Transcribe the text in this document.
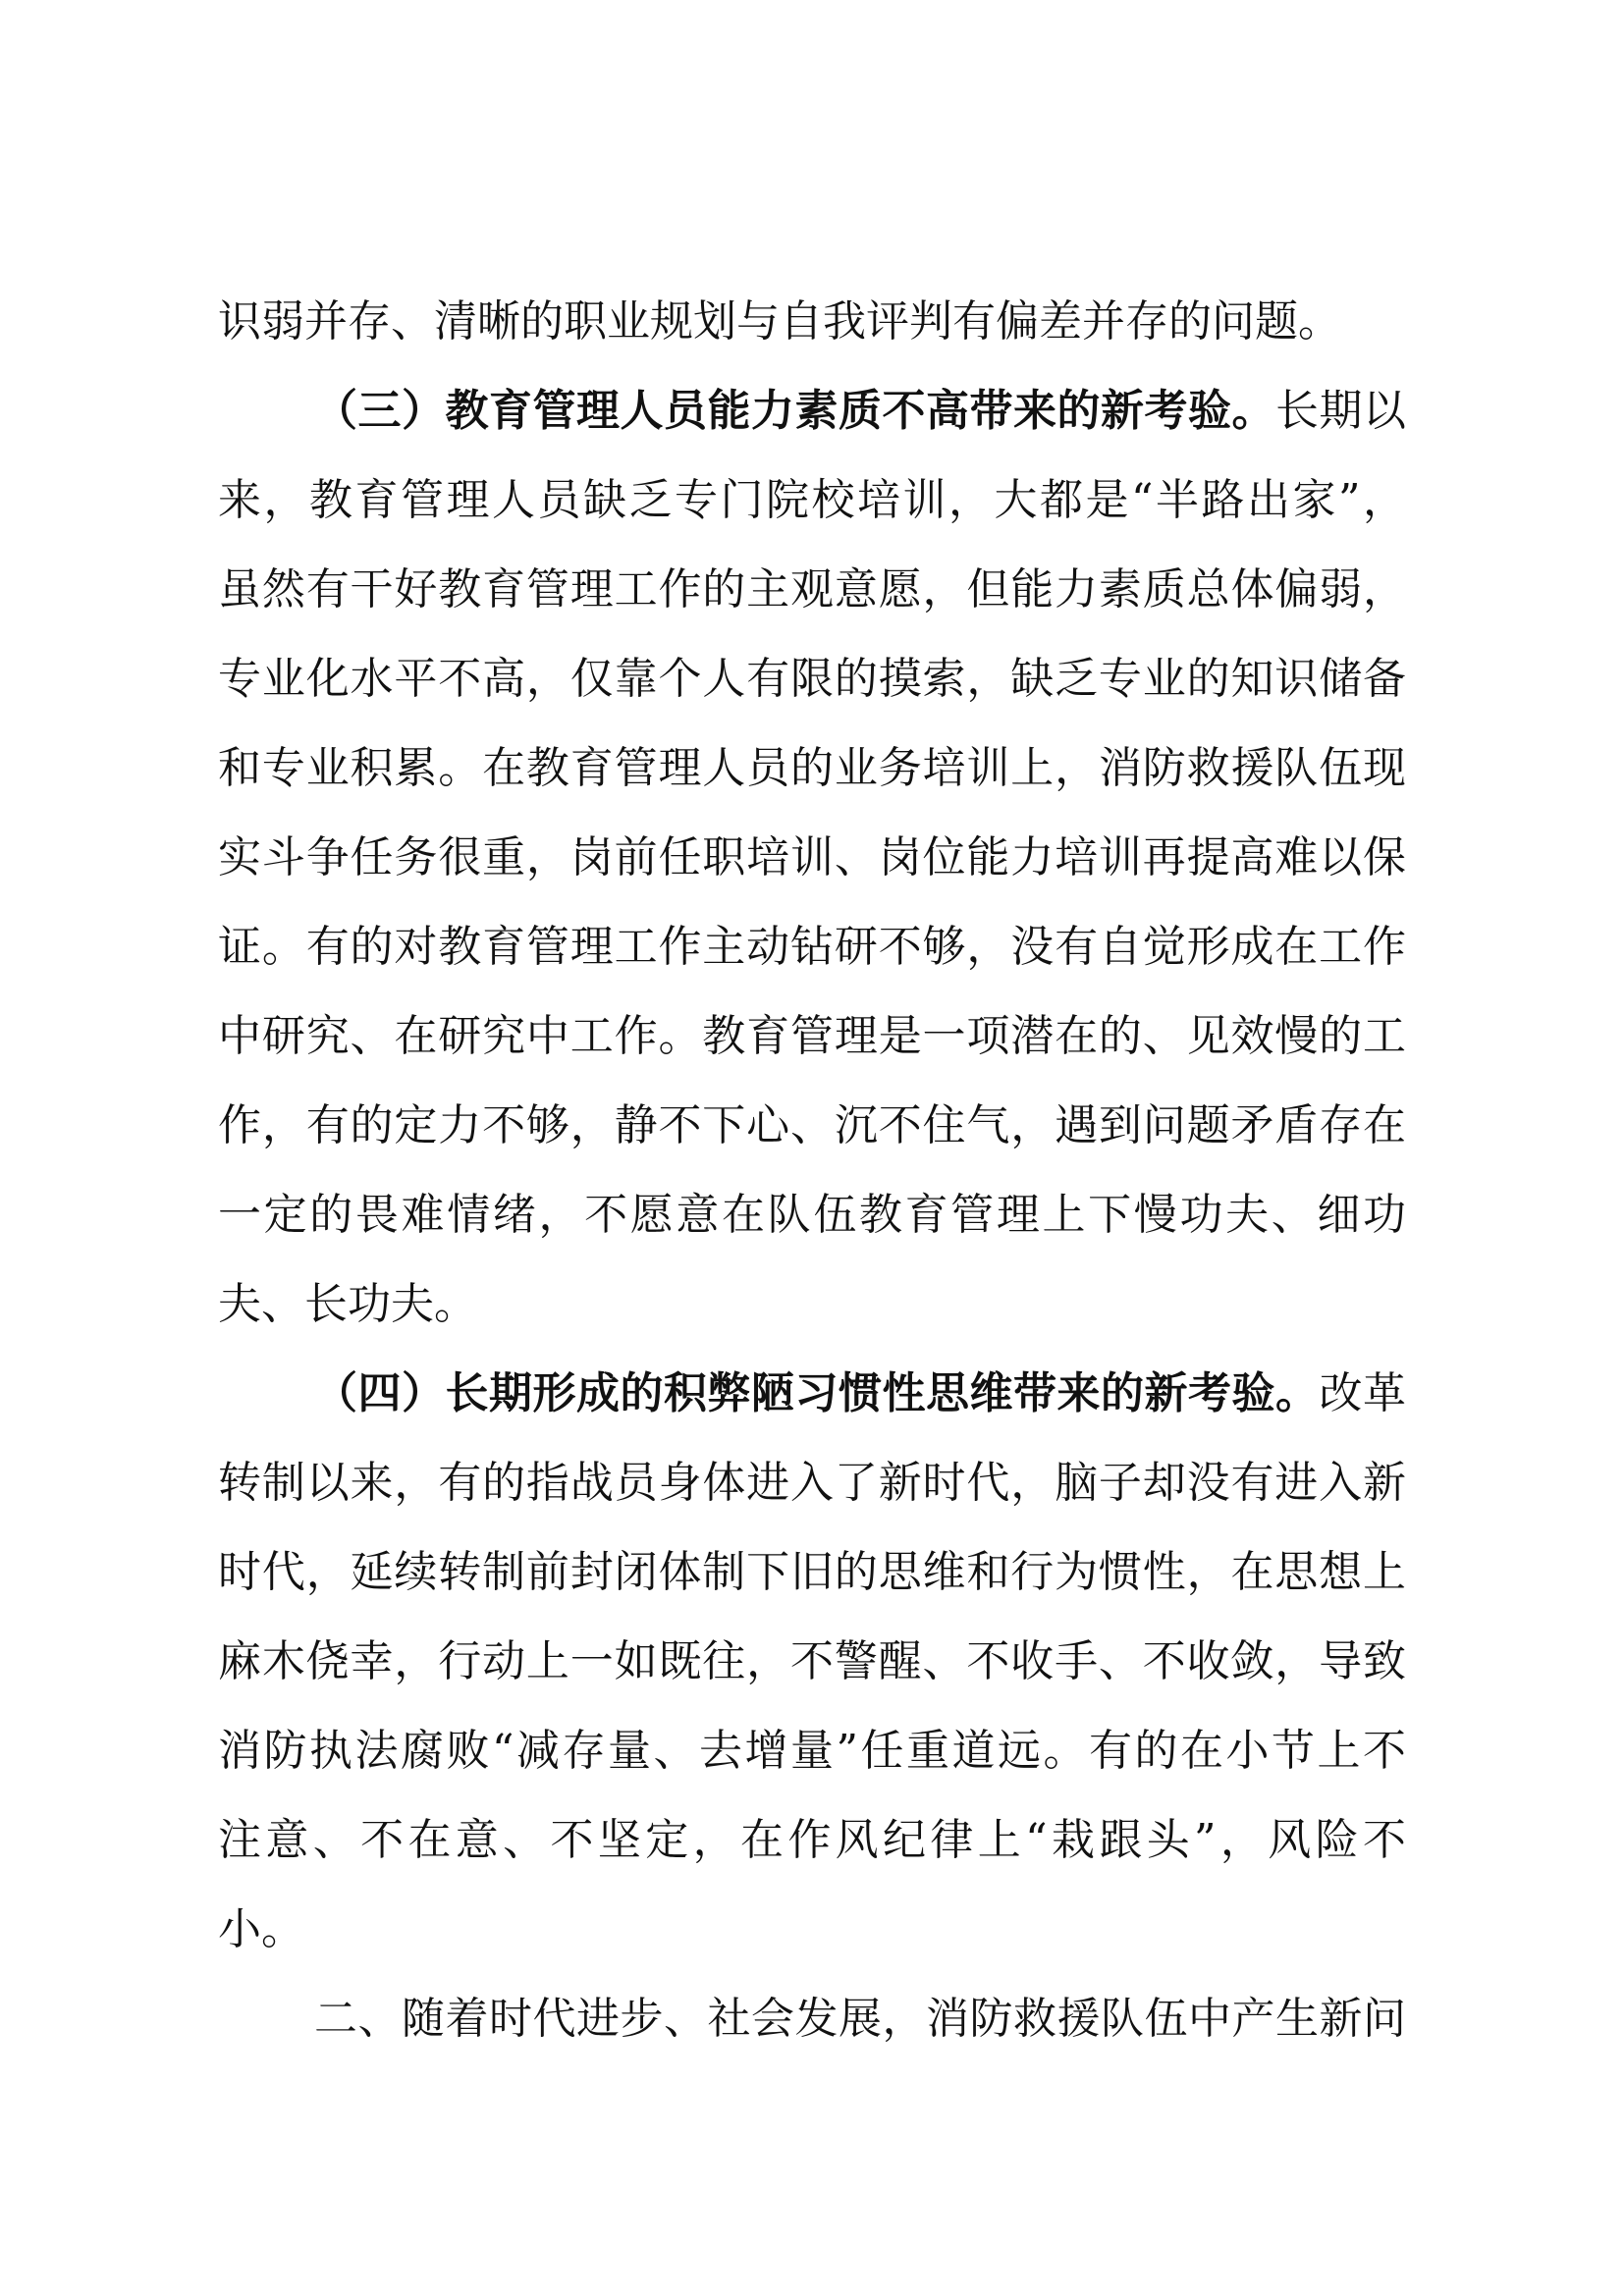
识弱并存、清晰的职业规划与自我评判有偏差并存的问题。
（三）教育管理人员能力素质不高带来的新考验。长期以
来，教育管理人员缺乏专门院校培训，大都是“半路出家”，
虽然有干好教育管理工作的主观意愿，但能力素质总体偏弱，
专业化水平不高，仅靠个人有限的摸索，缺乏专业的知识储备
和专业积累。在教育管理人员的业务培训上，消防救援队伍现
实斗争任务很重，岗前任职培训、岗位能力培训再提高难以保
证。有的对教育管理工作主动钻研不够，没有自觉形成在工作
中研究、在研究中工作。教育管理是一项潜在的、见效慢的工
作，有的定力不够，静不下心、沉不住气，遇到问题矛盾存在
一定的畏难情绪，不愿意在队伍教育管理上下慢功夫、细功
夫、长功夫。
（四）长期形成的积弊陋习惯性思维带来的新考验。改革
转制以来，有的指战员身体进入了新时代，脑子却没有进入新
时代，延续转制前封闭体制下旧的思维和行为惯性，在思想上
麻木侥幸，行动上一如既往，不警醒、不收手、不收敛，导致
消防执法腐败“减存量、去增量”任重道远。有的在小节上不
注意、不在意、不坚定，在作风纪律上“栽跟头”，风险不
小。
二、随着时代进步、社会发展，消防救援队伍中产生新问
